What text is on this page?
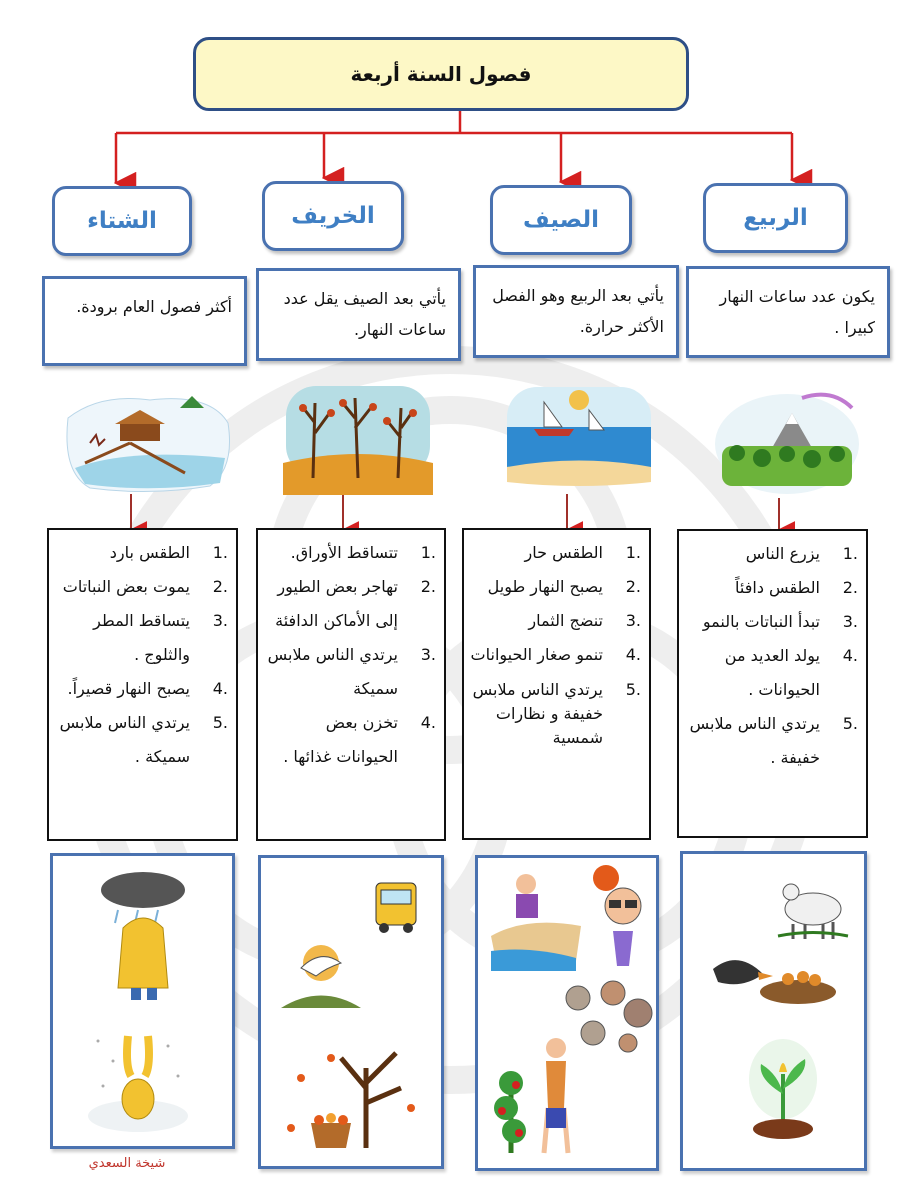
فصول السنة أربعة
الربيع
الصيف
الخريف
الشتاء
يكون عدد ساعات النهار كبيرا .
يأتي بعد الربيع وهو الفصل الأكثر حرارة.
يأتي بعد الصيف يقل عدد ساعات النهار.
أكثر فصول العام برودة.
1.
يزرع الناس
2.
الطقس دافئاً
3.
تبدأ النباتات بالنمو
4.
يولد العديد من الحيوانات .
5.
يرتدي الناس ملابس خفيفة .
1.
الطقس حار
2.
يصبح النهار طويل
3.
تنضج الثمار
4.
تنمو صغار الحيوانات
5.
يرتدي الناس ملابس خفيفة و نظارات شمسية
1.
تتساقط الأوراق.
2.
تهاجر بعض الطيور إلى الأماكن الدافئة
3.
يرتدي الناس ملابس سميكة
4.
تخزن بعض الحيوانات غذائها .
1.
الطقس بارد
2.
يموت بعض النباتات
3.
يتساقط المطر والثلوج .
4.
يصبح النهار قصيراً.
5.
يرتدي الناس ملابس سميكة .
شيخة السعدي
